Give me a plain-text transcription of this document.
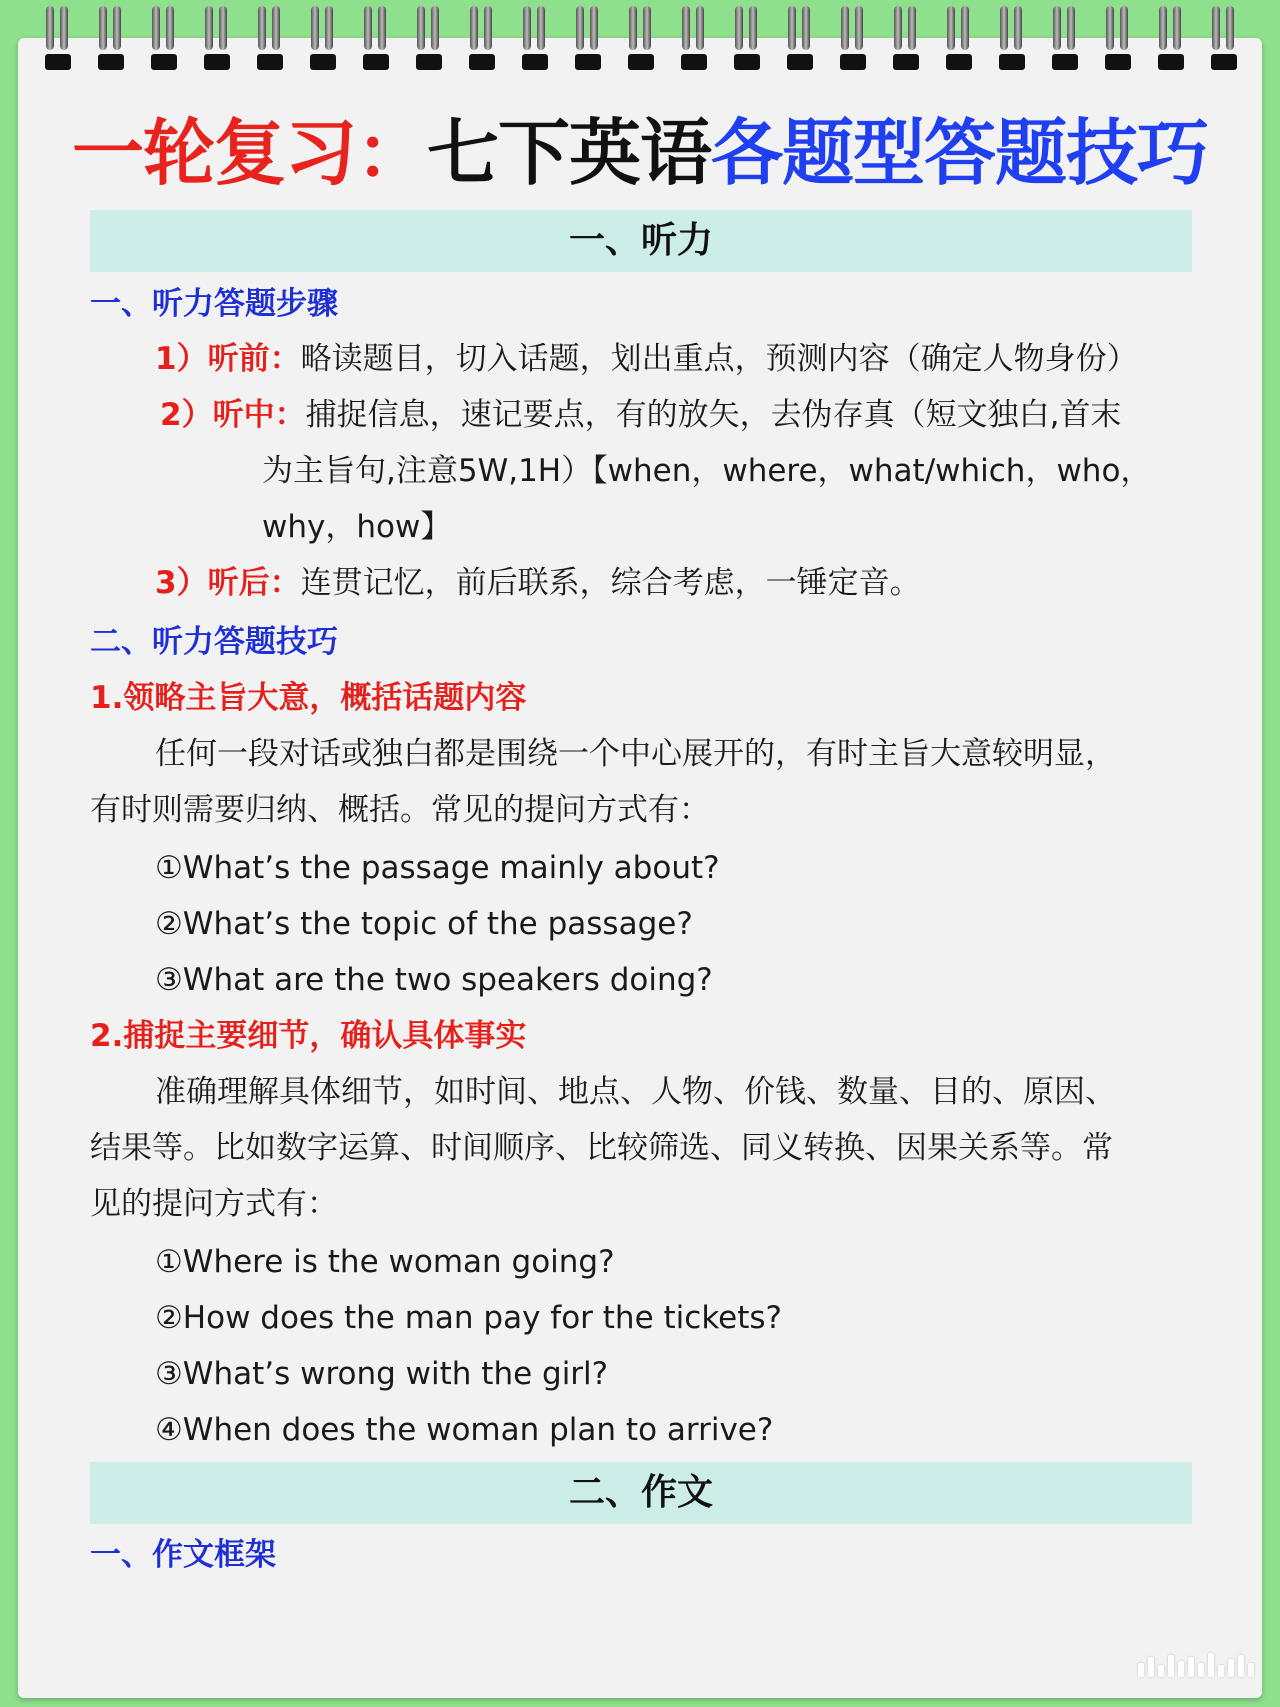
一轮复习：七下英语各题型答题技巧
一、听力
一、听力答题步骤
1）听前：略读题目，切入话题，划出重点，预测内容（确定人物身份）
2）听中：捕捉信息，速记要点，有的放矢，去伪存真（短文独白,首末
为主旨句,注意5W,1H）【when，where，what/which，who，
why，how】
3）听后：连贯记忆，前后联系，综合考虑，一锤定音。
二、听力答题技巧
1.领略主旨大意，概括话题内容
任何一段对话或独白都是围绕一个中心展开的，有时主旨大意较明显，
有时则需要归纳、概括。常见的提问方式有：
①What’s the passage mainly about?
②What’s the topic of the passage?
③What are the two speakers doing?
2.捕捉主要细节，确认具体事实
准确理解具体细节，如时间、地点、人物、价钱、数量、目的、原因、
结果等。比如数字运算、时间顺序、比较筛选、同义转换、因果关系等。常
见的提问方式有：
①Where is the woman going?
②How does the man pay for the tickets?
③What’s wrong with the girl?
④When does the woman plan to arrive?
二、作文
一、作文框架
